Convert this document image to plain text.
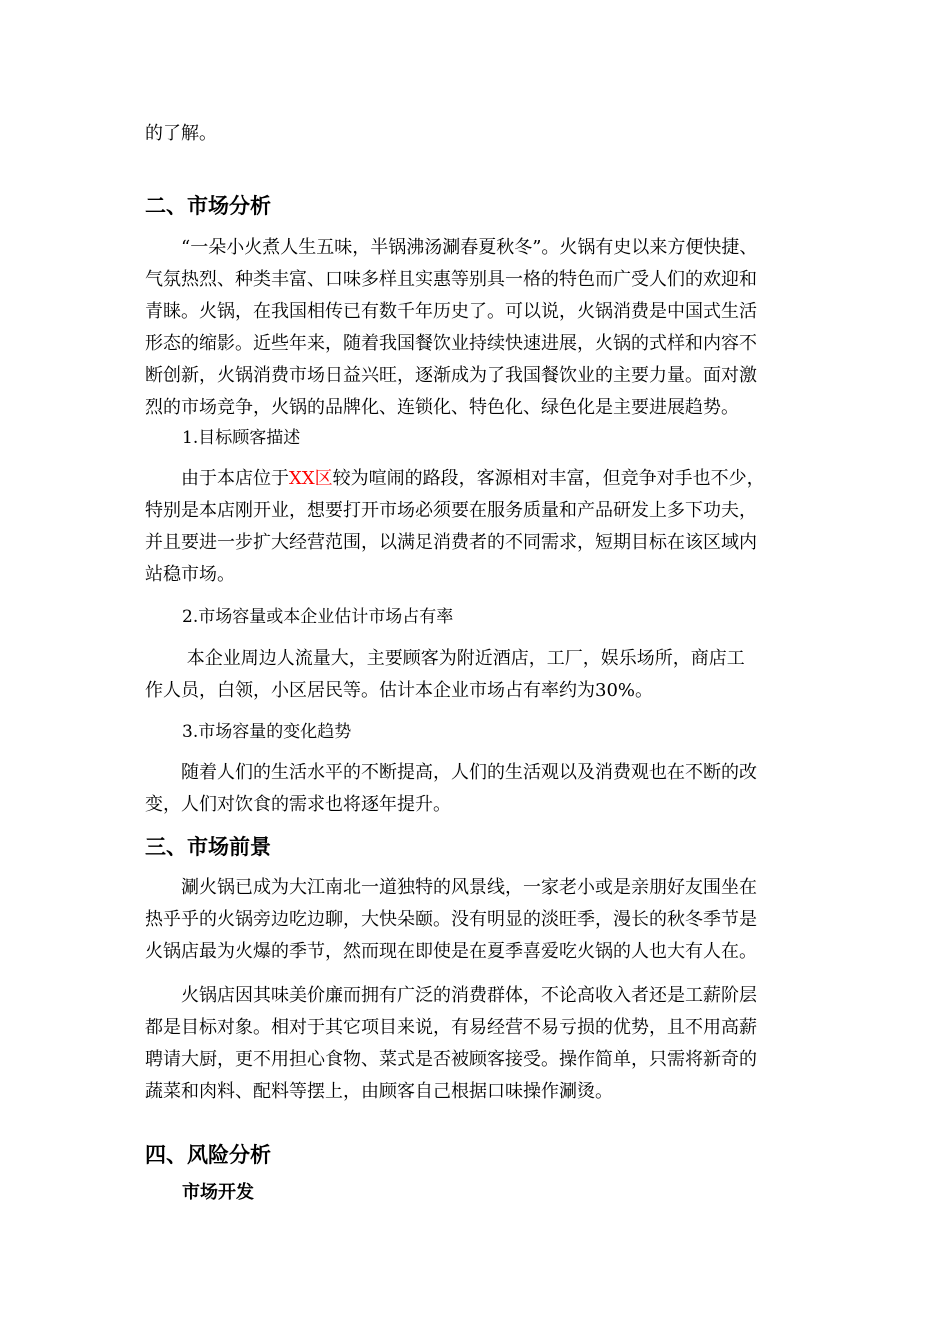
的了解。
二、市场分析
　　“一朵小火煮人生五味，半锅沸汤涮春夏秋冬”。火锅有史以来方便快捷、
气氛热烈、种类丰富、口味多样且实惠等别具一格的特色而广受人们的欢迎和
青睐。火锅，在我国相传已有数千年历史了。可以说，火锅消费是中国式生活
形态的缩影。近些年来，随着我国餐饮业持续快速进展，火锅的式样和内容不
断创新，火锅消费市场日益兴旺，逐渐成为了我国餐饮业的主要力量。面对激
烈的市场竞争，火锅的品牌化、连锁化、特色化、绿色化是主要进展趋势。

1.目标顾客描述

　　由于本店位于XX区较为喧闹的路段，客源相对丰富，但竞争对手也不少，
特别是本店刚开业，想要打开市场必须要在服务质量和产品研发上多下功夫，
并且要进一步扩大经营范围，以满足消费者的不同需求，短期目标在该区域内
站稳市场。

2.市场容量或本企业估计市场占有率

　　 本企业周边人流量大，主要顾客为附近酒店，工厂，娱乐场所，商店工
作人员，白领，小区居民等。估计本企业市场占有率约为30%。

3.市场容量的变化趋势

　　随着人们的生活水平的不断提高，人们的生活观以及消费观也在不断的改
变，人们对饮食的需求也将逐年提升。
三、市场前景
　　涮火锅已成为大江南北一道独特的风景线，一家老小或是亲朋好友围坐在
热乎乎的火锅旁边吃边聊，大快朵颐。没有明显的淡旺季，漫长的秋冬季节是
火锅店最为火爆的季节，然而现在即使是在夏季喜爱吃火锅的人也大有人在。
　　火锅店因其味美价廉而拥有广泛的消费群体，不论高收入者还是工薪阶层
都是目标对象。相对于其它项目来说，有易经营不易亏损的优势，且不用高薪
聘请大厨，更不用担心食物、菜式是否被顾客接受。操作简单，只需将新奇的
蔬菜和肉料、配料等摆上，由顾客自己根据口味操作涮烫。
四、风险分析

市场开发
